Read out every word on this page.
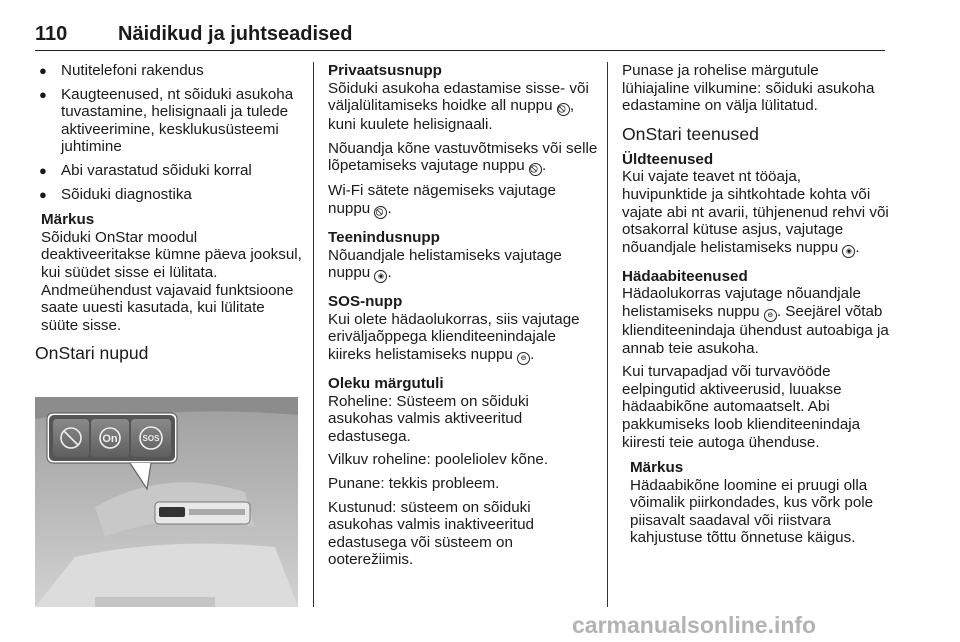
110	Näidikud ja juhtseadised
● Nutitelefoni rakendus
● Kaugteenused, nt sõiduki asukoha tuvastamine, helisignaali ja tulede aktiveerimine, kesklukusüsteemi juhtimine
● Abi varastatud sõiduki korral
● Sõiduki diagnostika
Märkus
Sõiduki OnStar moodul deaktiveeritakse kümne päeva jooksul, kui süüdet sisse ei lülitata. Andmeühendust vajavaid funktsioone saate uuesti kasutada, kui lülitate süüte sisse.
OnStari nupud
On	SOS
Privaatsusnupp

Sõiduki asukoha edastamise sisse- või väljalülitamiseks hoidke all nuppu , kuni kuulete helisignaali.

Nõuandja kõne vastuvõtmiseks või selle lõpetamiseks vajutage nuppu .

Wi-Fi sätete nägemiseks vajutage nuppu .

Teenindusnupp

Nõuandjale helistamiseks vajutage nuppu ◉ .

SOS-nupp

Kui olete hädaolukorras, siis vajutage eriväljaõppega klienditeenindajale kiireks helistamiseks nuppu ⊖ .

Oleku märgutuli

Roheline: Süsteem on sõiduki asukohas valmis aktiveeritud edastusega.

Vilkuv roheline: pooleliolev kõne.

Punane: tekkis probleem.

Kustunud: süsteem on sõiduki asukohas valmis inaktiveeritud edastusega või süsteem on ooterežiimis.

Punase ja rohelise märgutule lühiajaline vilkumine: sõiduki asukoha edastamine on välja lülitatud.

OnStari teenused
Üldteenused

Kui vajate teavet nt tööaja, huvipunktide ja sihtkohtade kohta või vajate abi nt avarii, tühjenenud rehvi või otsakorral kütuse asjus, vajutage nõuandjale helistamiseks nuppu ◉ .

Hädaabiteenused

Hädaolukorras vajutage nõuandjale helistamiseks nuppu ⊖ . Seejärel võtab klienditeenindaja ühendust autoabiga ja annab teie asukoha.

Kui turvapadjad või turvavööde eelpingutid aktiveerusid, luuakse hädaabikõne automaatselt. Abi pakkumiseks loob klienditeenindaja kiiresti teie autoga ühenduse.

Märkus
Hädaabikõne loomine ei pruugi olla võimalik piirkondades, kus võrk pole piisavalt saadaval või riistvara kahjustuse tõttu õnnetuse käigus.
carmanualsonline.info
